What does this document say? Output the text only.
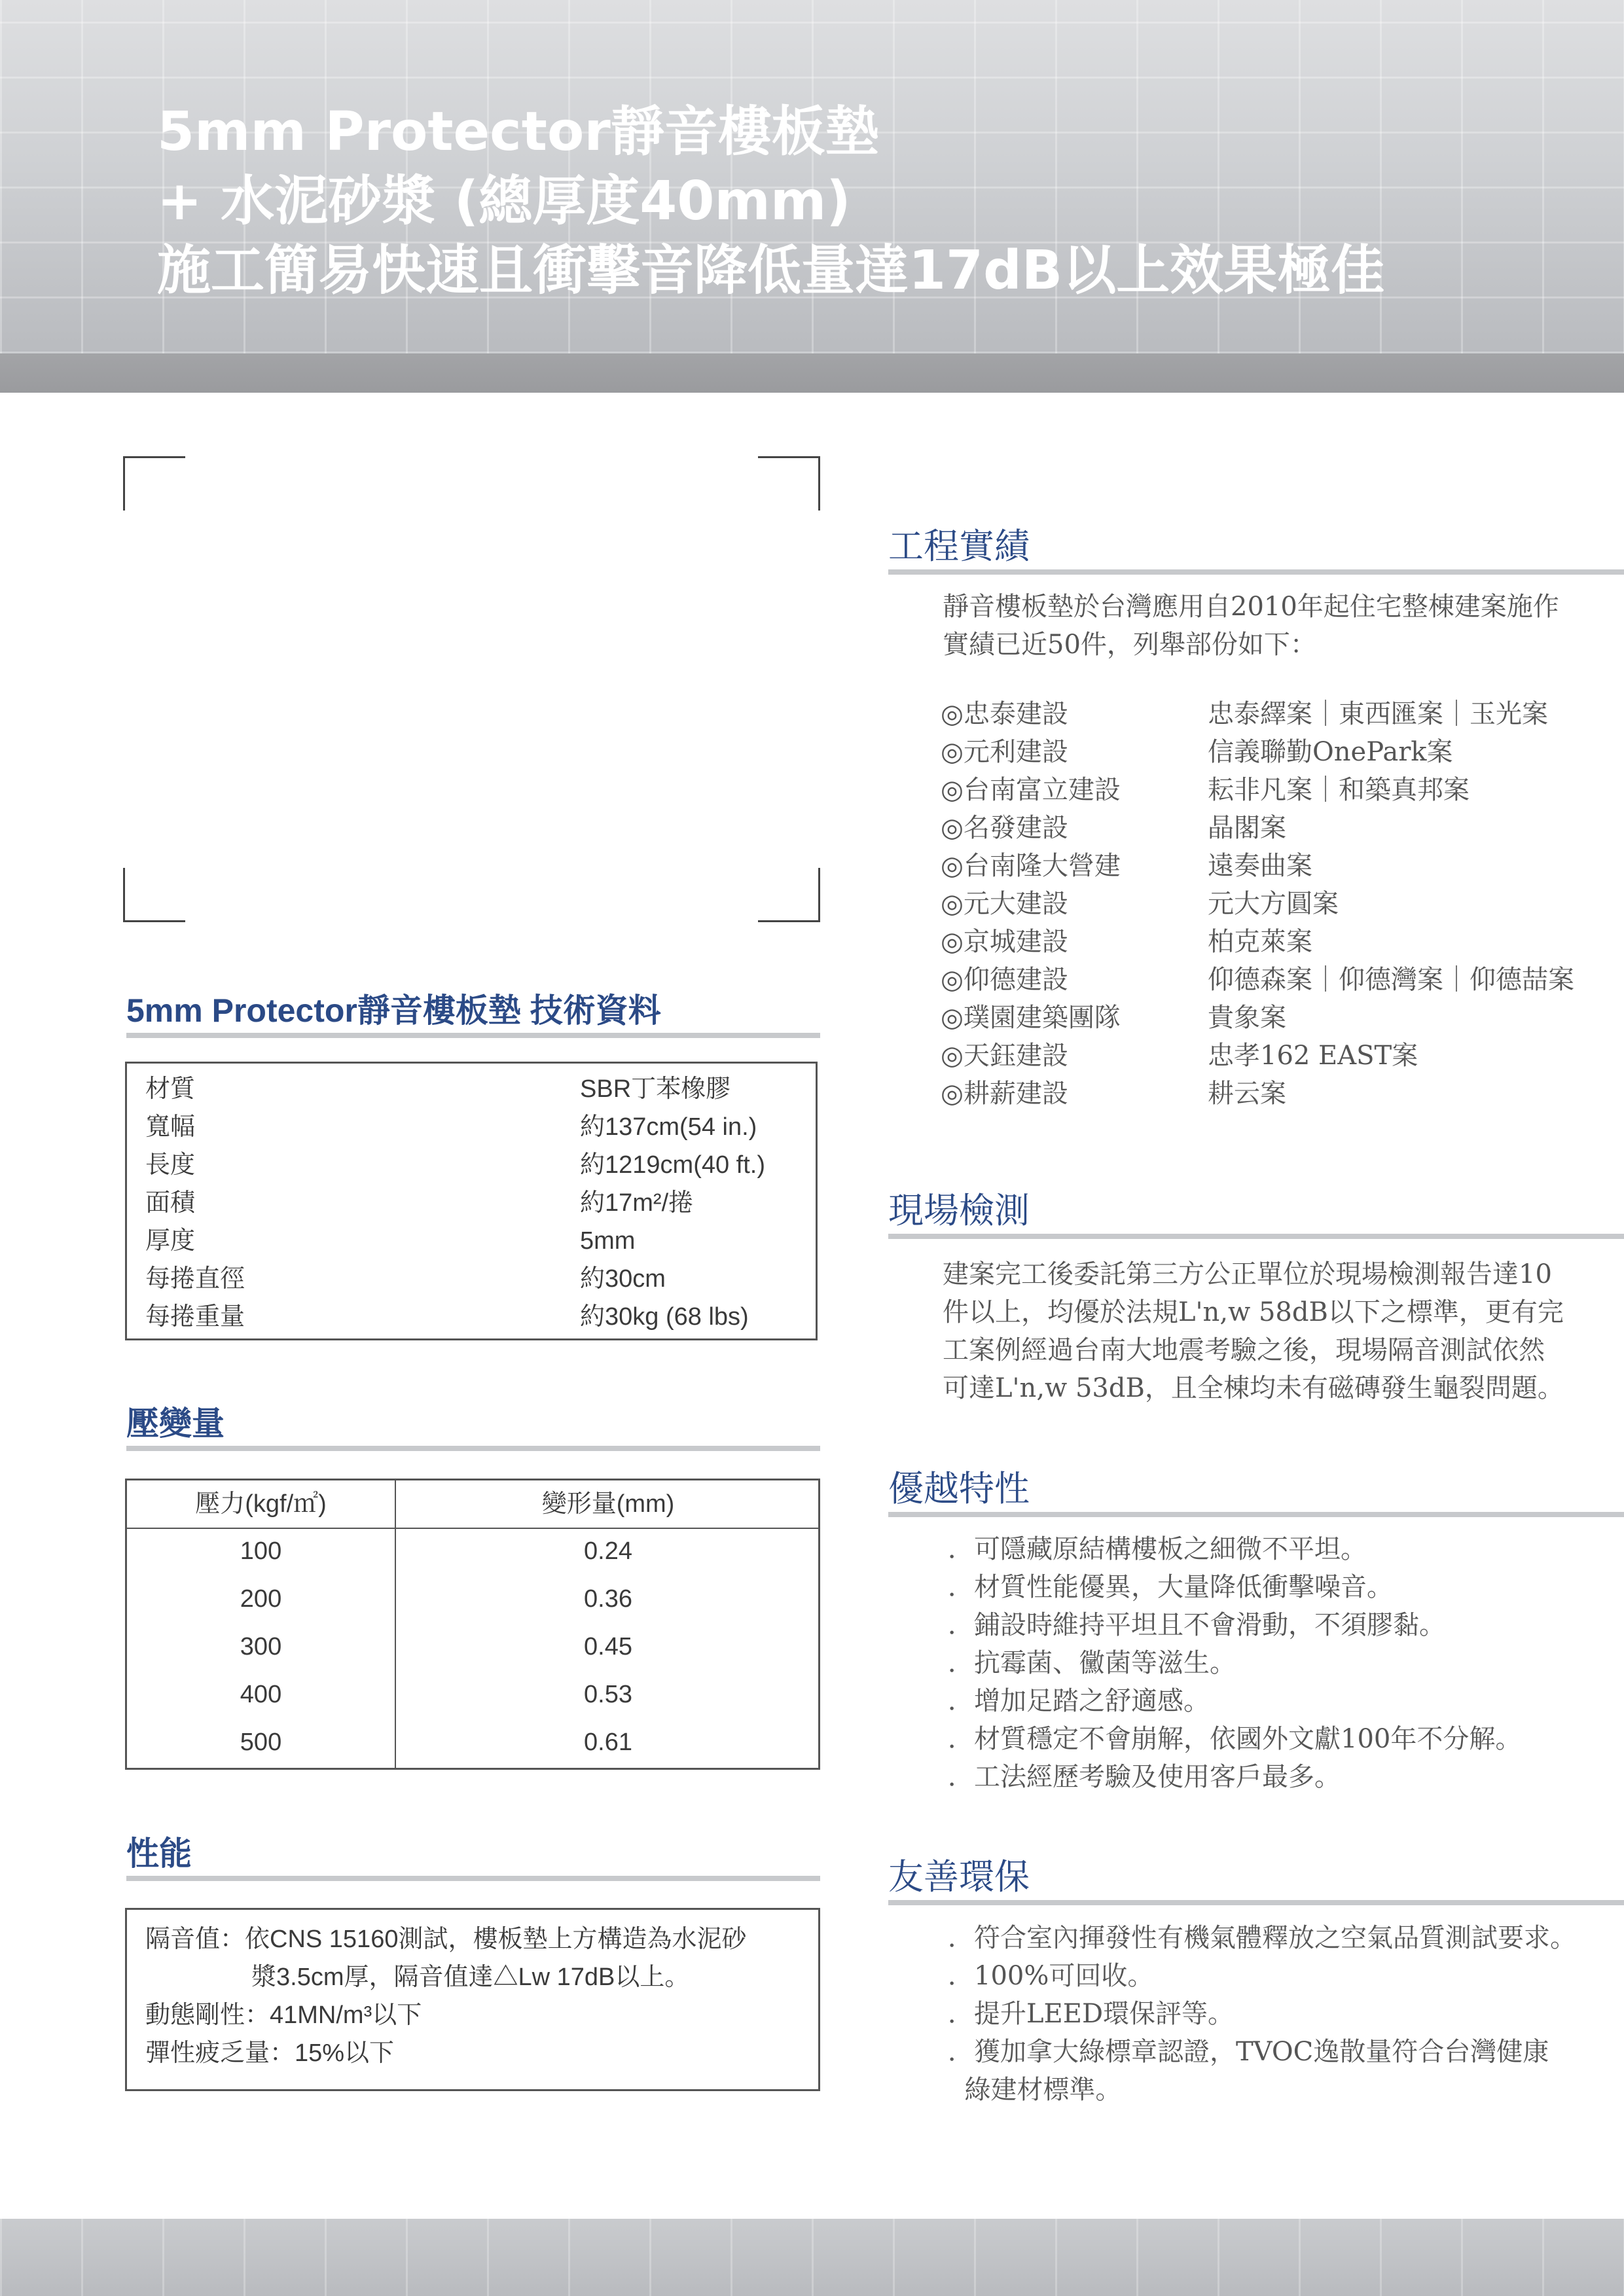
5mm Protector靜音樓板墊
+ 水泥砂漿 (總厚度40mm)
施工簡易快速且衝擊音降低量達17dB以上效果極佳
5mm Protector靜音樓板墊 技術資料
材質	SBR丁苯橡膠
寬幅	約137cm(54 in.)
長度	約1219cm(40 ft.)
面積	約17m²/捲
厚度	5mm
每捲直徑	約30cm
每捲重量	約30kg (68 lbs)
壓變量
壓力(kgf/㎡)	變形量(mm)
100	0.24
200	0.36
300	0.45
400	0.53
500	0.61
性能
隔音值：依CNS 15160測試，樓板墊上方構造為水泥砂
漿3.5cm厚，隔音值達△Lw 17dB以上。
動態剛性：41MN/m³以下
彈性疲乏量：15%以下
工程實績
靜音樓板墊於台灣應用自2010年起住宅整棟建案施作
實績已近50件，列舉部份如下：
◎忠泰建設	忠泰繹案｜東西匯案｜玉光案
◎元利建設	信義聯勤OnePark案
◎台南富立建設	耘非凡案｜和築真邦案
◎名發建設	晶閣案
◎台南隆大營建	遠奏曲案
◎元大建設	元大方圓案
◎京城建設	柏克萊案
◎仰德建設	仰德森案｜仰德灣案｜仰德喆案
◎璞園建築團隊	貴象案
◎天鈺建設	忠孝162 EAST案
◎耕薪建設	耕云案
現場檢測
建案完工後委託第三方公正單位於現場檢測報告達10
件以上，均優於法規L'n,w 58dB以下之標準，更有完
工案例經過台南大地震考驗之後，現場隔音測試依然
可達L'n,w 53dB，且全棟均未有磁磚發生龜裂問題。
優越特性
．可隱藏原結構樓板之細微不平坦。
．材質性能優異，大量降低衝擊噪音。
．鋪設時維持平坦且不會滑動，不須膠黏。
．抗霉菌、黴菌等滋生。
．增加足踏之舒適感。
．材質穩定不會崩解，依國外文獻100年不分解。
．工法經歷考驗及使用客戶最多。
友善環保
．符合室內揮發性有機氣體釋放之空氣品質測試要求。
．100%可回收。
．提升LEED環保評等。
．獲加拿大綠標章認證，TVOC逸散量符合台灣健康
綠建材標準。
